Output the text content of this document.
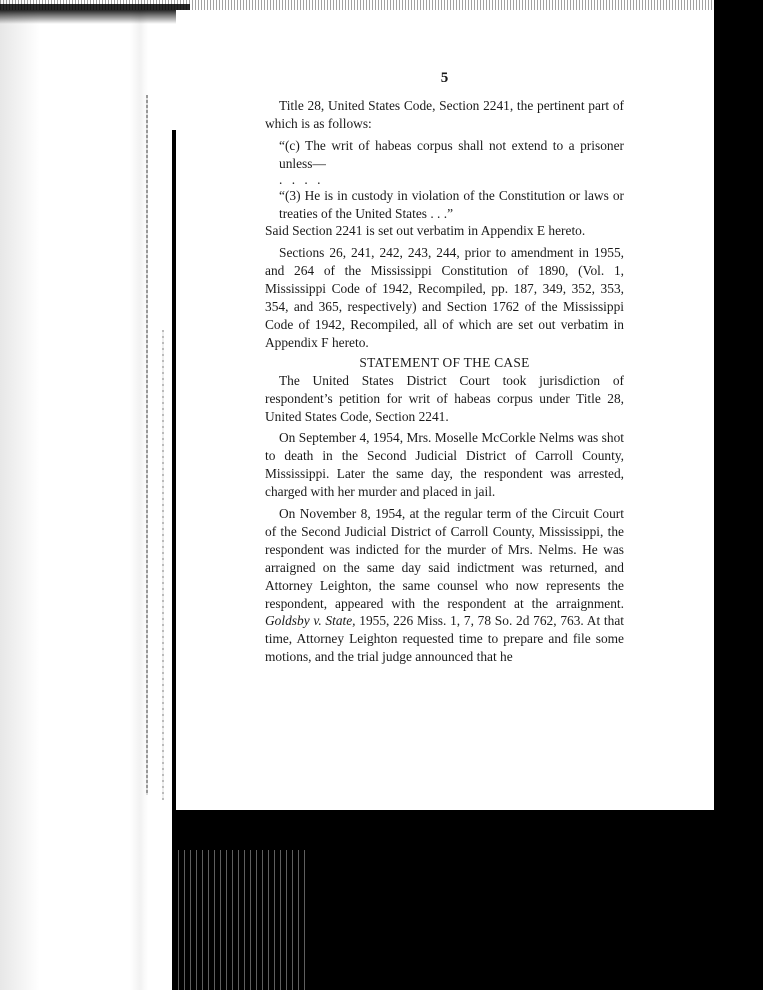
5

Title 28, United States Code, Section 2241, the pertinent part of which is as follows:

“(c) The writ of habeas corpus shall not extend to a prisoner unless—

. . . .

“(3) He is in custody in violation of the Constitution or laws or treaties of the United States . . .”

Said Section 2241 is set out verbatim in Appendix E hereto.

Sections 26, 241, 242, 243, 244, prior to amendment in 1955, and 264 of the Mississippi Constitution of 1890, (Vol. 1, Mississippi Code of 1942, Recompiled, pp. 187, 349, 352, 353, 354, and 365, respectively) and Section 1762 of the Mississippi Code of 1942, Recompiled, all of which are set out verbatim in Appendix F hereto.

STATEMENT OF THE CASE

The United States District Court took jurisdiction of respondent’s petition for writ of habeas corpus under Title 28, United States Code, Section 2241.

On September 4, 1954, Mrs. Moselle McCorkle Nelms was shot to death in the Second Judicial District of Carroll County, Mississippi. Later the same day, the respondent was arrested, charged with her murder and placed in jail.

On November 8, 1954, at the regular term of the Circuit Court of the Second Judicial District of Carroll County, Mississippi, the respondent was indicted for the murder of Mrs. Nelms. He was arraigned on the same day said indictment was returned, and Attorney Leighton, the same counsel who now represents the respondent, appeared with the respondent at the arraignment. Goldsby v. State, 1955, 226 Miss. 1, 7, 78 So. 2d 762, 763. At that time, Attorney Leighton requested time to prepare and file some motions, and the trial judge announced that he
